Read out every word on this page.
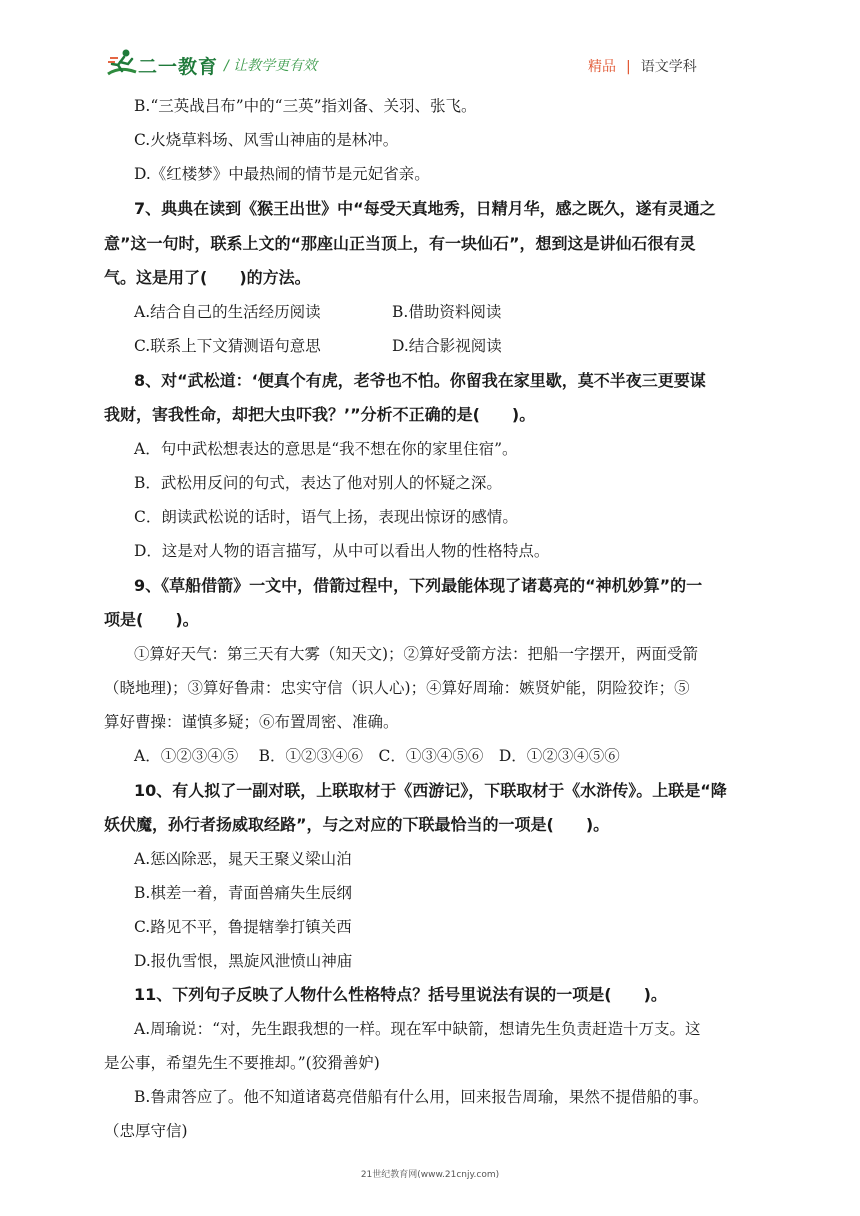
二一教育 / 让教学更有效	精品 | 语文学科
B.“三英战吕布”中的“三英”指刘备、关羽、张飞。
C.火烧草料场、风雪山神庙的是林冲。
D.《红楼梦》中最热闹的情节是元妃省亲。
7、典典在读到《猴王出世》中“每受天真地秀，日精月华，感之既久，遂有灵通之
意”这一句时，联系上文的“那座山正当顶上，有一块仙石”，想到这是讲仙石很有灵
气。这是用了(　　)的方法。
A.结合自己的生活经历阅读	B.借助资料阅读
C.联系上下文猜测语句意思	D.结合影视阅读
8、对“武松道：‘便真个有虎，老爷也不怕。你留我在家里歇，莫不半夜三更要谋
我财，害我性命，却把大虫吓我？’”分析不正确的是(　　)。
A．句中武松想表达的意思是“我不想在你的家里住宿”。
B．武松用反问的句式，表达了他对别人的怀疑之深。
C．朗读武松说的话时，语气上扬，表现出惊讶的感情。
D．这是对人物的语言描写，从中可以看出人物的性格特点。
9、《草船借箭》一文中，借箭过程中，下列最能体现了诸葛亮的“神机妙算”的一
项是(　　)。
①算好天气：第三天有大雾（知天文)；②算好受箭方法：把船一字摆开，两面受箭
（晓地理)；③算好鲁肃：忠实守信（识人心)；④算好周瑜：嫉贤妒能，阴险狡诈；⑤
算好曹操：谨慎多疑；⑥布置周密、准确。
A．①②③④⑤　 B．①②③④⑥　C．①③④⑤⑥　D．①②③④⑤⑥
10、有人拟了一副对联，上联取材于《西游记》，下联取材于《水浒传》。上联是“降
妖伏魔，孙行者扬威取经路”，与之对应的下联最恰当的一项是(　　)。
A.惩凶除恶，晁天王聚义梁山泊
B.棋差一着，青面兽痛失生辰纲
C.路见不平，鲁提辖拳打镇关西
D.报仇雪恨，黑旋风泄愤山神庙
11、下列句子反映了人物什么性格特点？括号里说法有误的一项是(　　)。
A.周瑜说：“对，先生跟我想的一样。现在军中缺箭，想请先生负责赶造十万支。这
是公事，希望先生不要推却。”(狡猾善妒)
B.鲁肃答应了。他不知道诸葛亮借船有什么用，回来报告周瑜，果然不提借船的事。
（忠厚守信)
21世纪教育网(www.21cnjy.com)
